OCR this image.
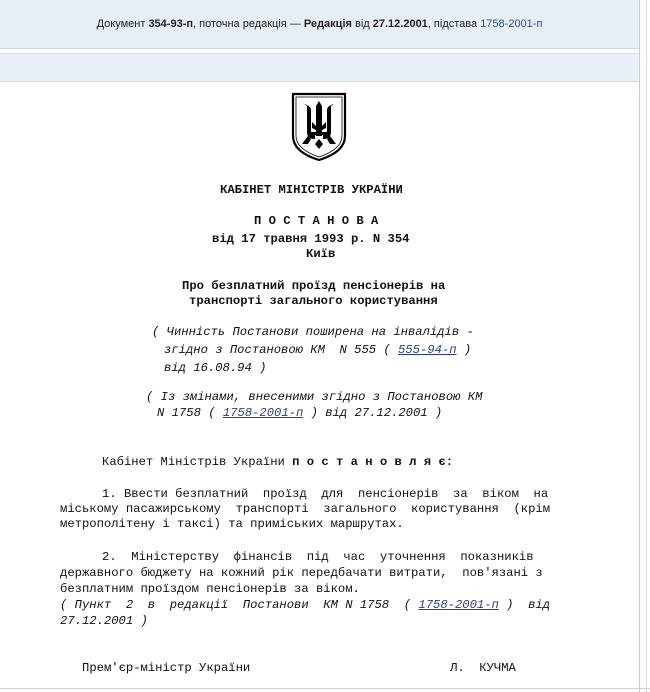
Документ
354-93-п , поточна редакція —
Редакція від 27.12.2001 , підстава
1758-2001-п
КАБІНЕТ МІНІСТРІВ УКРАЇНИ
П О С Т А Н О В А
від 17 травня 1993 р. N 354
Київ
Про безплатний проїзд пенсіонерів на
транспорті загального користування
( Чинність Постанови поширена на інвалідів -
згідно з Постановою КМ  N 555 ( 555-94-п )
від 16.08.94 )
( Із змінами, внесеними згідно з Постановою КМ
N 1758 ( 1758-2001-п ) від 27.12.2001 )
Кабінет Міністрів України п о с т а н о в л я є:
1. Ввести безплатний  проїзд  для  пенсіонерів  за  віком  на
міському пасажирському  транспорті  загального  користування  (крім
метрополітену і таксі) та приміських маршрутах.
2.  Міністерству  фінансів  під  час  уточнення  показників
державного бюджету на кожний рік передбачати витрати,  пов'язані з
безплатним проїздом пенсіонерів за віком.
( Пункт  2  в  редакції  Постанови  КМ N 1758  ( 1758-2001-п )  від
27.12.2001 )
Прем'єр-міністр України	Л.  КУЧМА
